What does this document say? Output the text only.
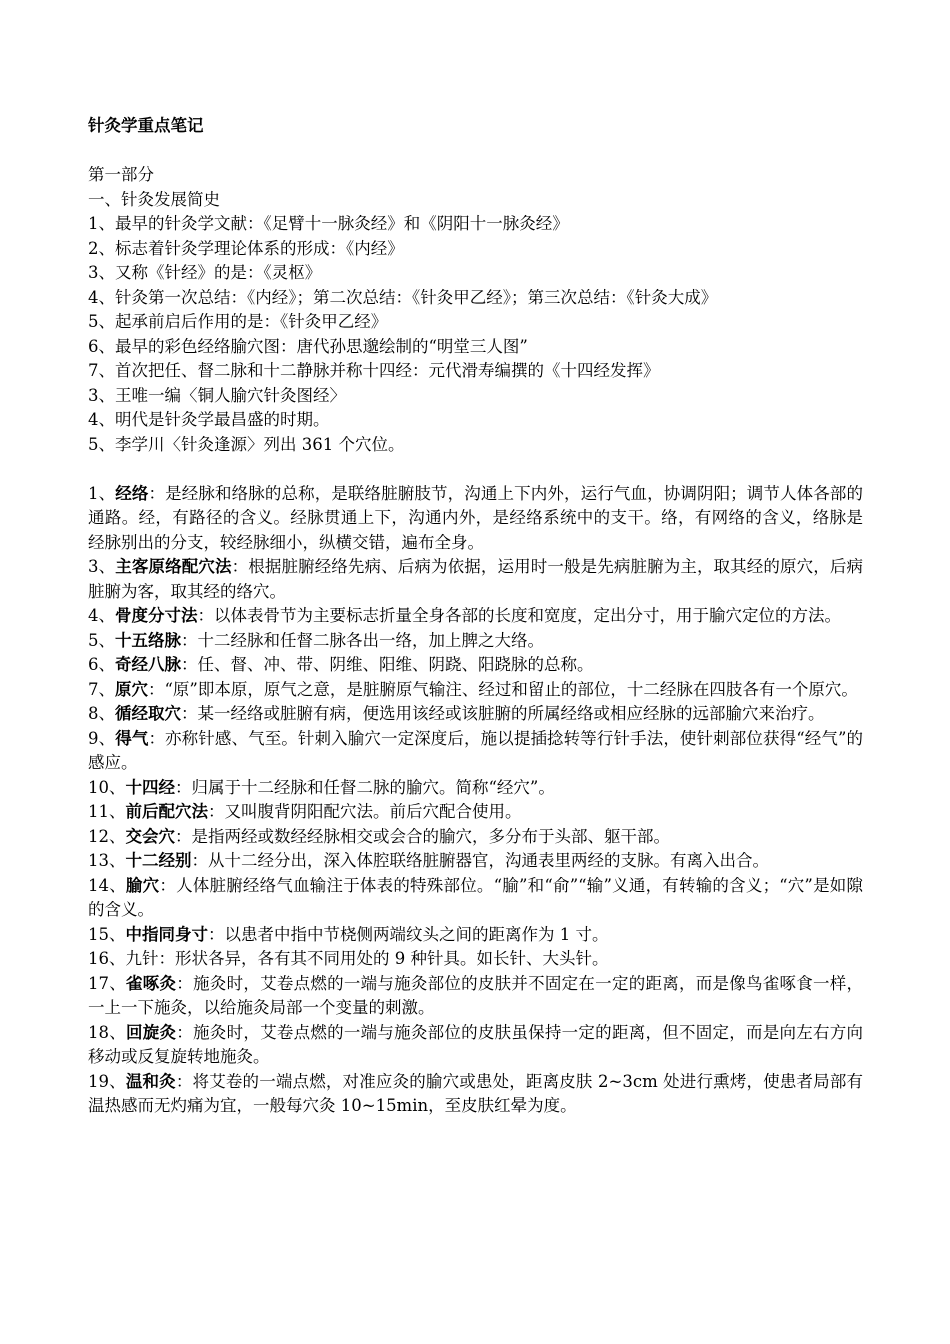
针灸学重点笔记

第一部分

一、针灸发展简史

1、最早的针灸学文献：《足臂十一脉灸经》和《阴阳十一脉灸经》

2、标志着针灸学理论体系的形成：《内经》

3、又称《针经》的是：《灵枢》

4、针灸第一次总结：《内经》；第二次总结：《针灸甲乙经》；第三次总结：《针灸大成》

5、起承前启后作用的是：《针灸甲乙经》

6、最早的彩色经络腧穴图：唐代孙思邈绘制的“明堂三人图”

7、首次把任、督二脉和十二静脉并称十四经：元代滑寿编撰的《十四经发挥》

3、王唯一编〈铜人腧穴针灸图经〉

4、明代是针灸学最昌盛的时期。

5、李学川〈针灸逢源〉列出 361 个穴位。

1、经络：是经脉和络脉的总称，是联络脏腑肢节，沟通上下内外，运行气血，协调阴阳；调节人体各部的通路。经，有路径的含义。经脉贯通上下，沟通内外，是经络系统中的支干。络，有网络的含义，络脉是经脉别出的分支，较经脉细小，纵横交错，遍布全身。

3、主客原络配穴法：根据脏腑经络先病、后病为依据，运用时一般是先病脏腑为主，取其经的原穴，后病脏腑为客，取其经的络穴。

4、骨度分寸法：以体表骨节为主要标志折量全身各部的长度和宽度，定出分寸，用于腧穴定位的方法。

5、十五络脉：十二经脉和任督二脉各出一络，加上脾之大络。

6、奇经八脉：任、督、冲、带、阴维、阳维、阴跷、阳跷脉的总称。

7、原穴：“原”即本原，原气之意，是脏腑原气输注、经过和留止的部位，十二经脉在四肢各有一个原穴。

8、循经取穴：某一经络或脏腑有病，便选用该经或该脏腑的所属经络或相应经脉的远部腧穴来治疗。

9、得气：亦称针感、气至。针刺入腧穴一定深度后，施以提插捻转等行针手法，使针刺部位获得“经气”的感应。

10、十四经：归属于十二经脉和任督二脉的腧穴。简称“经穴”。

11、前后配穴法：又叫腹背阴阳配穴法。前后穴配合使用。

12、交会穴：是指两经或数经经脉相交或会合的腧穴，多分布于头部、躯干部。

13、十二经别：从十二经分出，深入体腔联络脏腑器官，沟通表里两经的支脉。有离入出合。

14、腧穴：人体脏腑经络气血输注于体表的特殊部位。“腧”和“俞”“输”义通，有转输的含义；“穴”是如隙的含义。

15、中指同身寸：以患者中指中节桡侧两端纹头之间的距离作为 1 寸。

16、九针：形状各异，各有其不同用处的 9 种针具。如长针、大头针。

17、雀啄灸：施灸时，艾卷点燃的一端与施灸部位的皮肤并不固定在一定的距离，而是像鸟雀啄食一样，一上一下施灸，以给施灸局部一个变量的刺激。

18、回旋灸：施灸时，艾卷点燃的一端与施灸部位的皮肤虽保持一定的距离，但不固定，而是向左右方向移动或反复旋转地施灸。

19、温和灸：将艾卷的一端点燃，对准应灸的腧穴或患处，距离皮肤 2~3cm 处进行熏烤，使患者局部有温热感而无灼痛为宜，一般每穴灸 10~15min，至皮肤红晕为度。
